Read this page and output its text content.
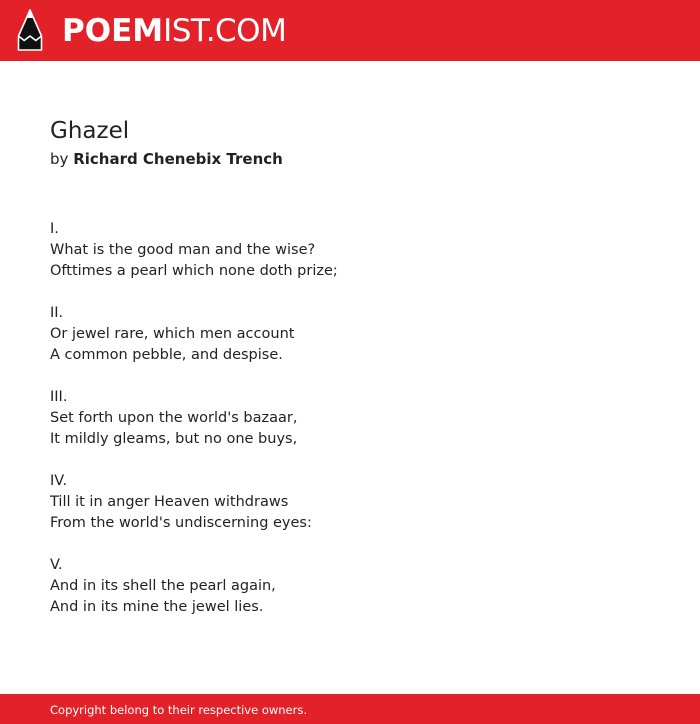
POEMIST.COM
Ghazel
by Richard Chenebix Trench
I.
What is the good man and the wise?
Ofttimes a pearl which none doth prize;
II.
Or jewel rare, which men account
A common pebble, and despise.
III.
Set forth upon the world's bazaar,
It mildly gleams, but no one buys,
IV.
Till it in anger Heaven withdraws
From the world's undiscerning eyes:
V.
And in its shell the pearl again,
And in its mine the jewel lies.
Copyright belong to their respective owners.
